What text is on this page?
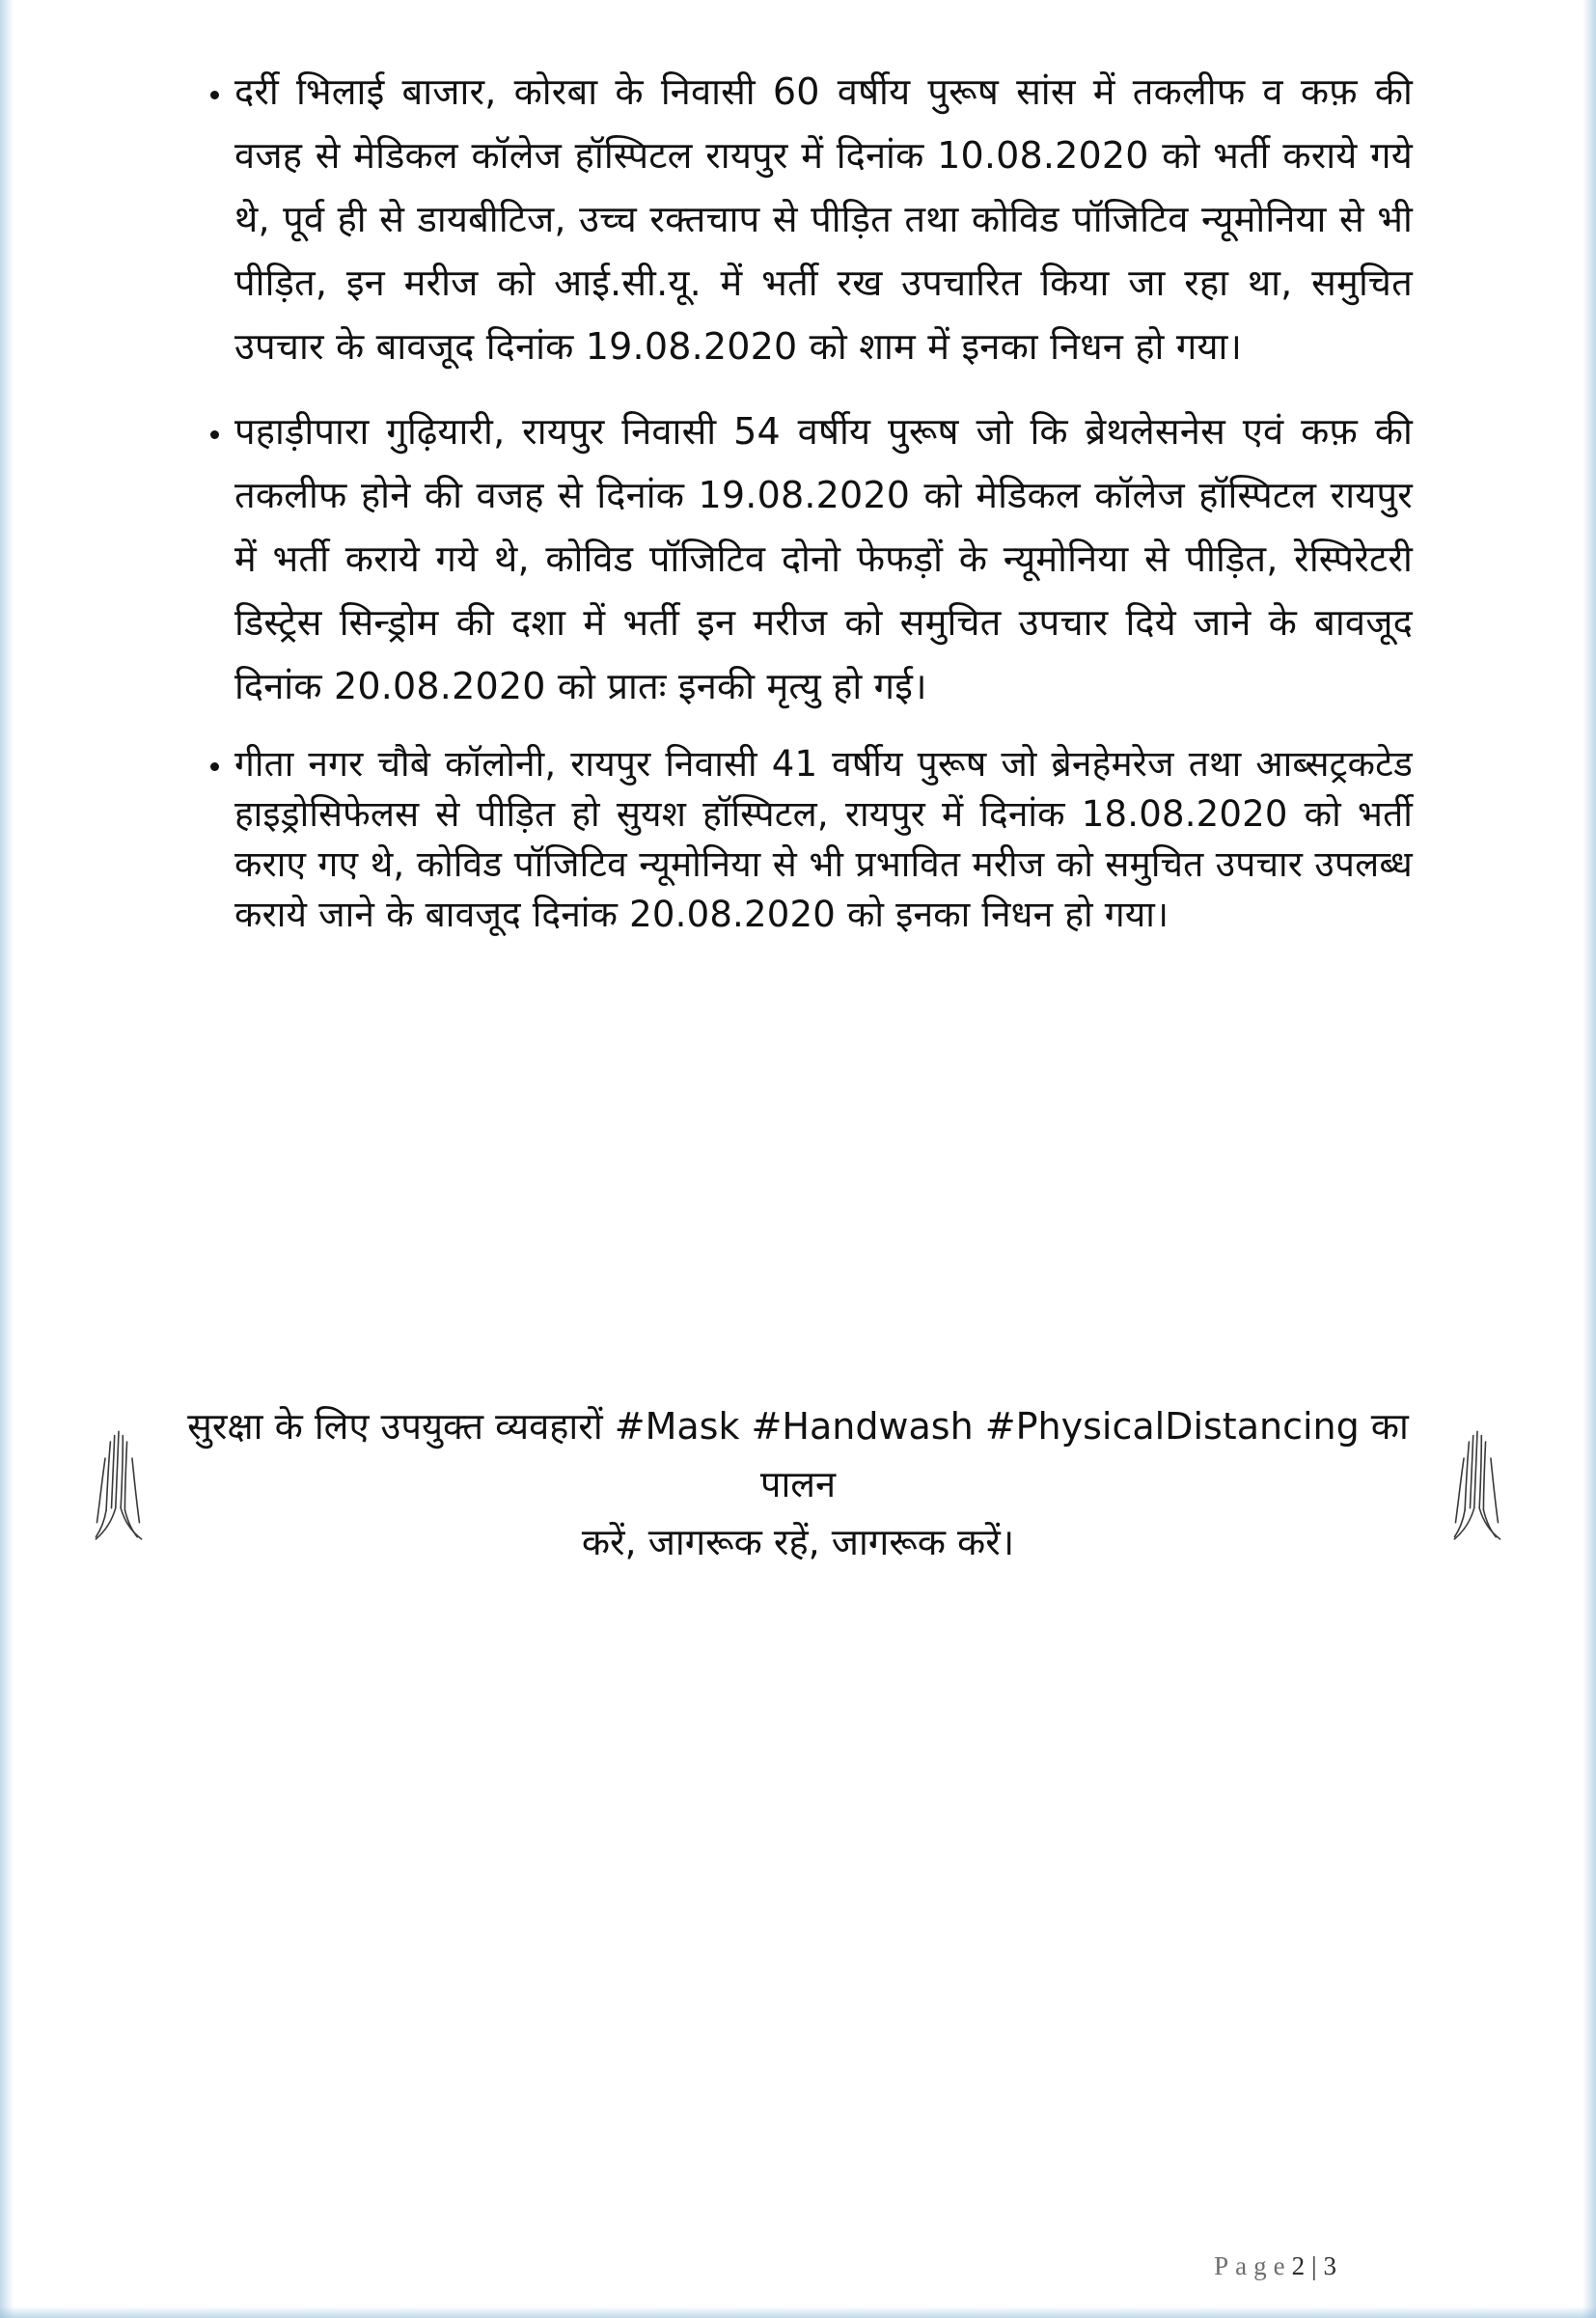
• दर्री भिलाई बाजार, कोरबा के निवासी 60 वर्षीय पुरूष सांस में तकलीफ व कफ़ की वजह से मेडिकल कॉलेज हॉस्पिटल रायपुर में दिनांक 10.08.2020 को भर्ती कराये गये थे, पूर्व ही से डायबीटिज, उच्च रक्तचाप से पीड़ित तथा कोविड पॉजिटिव न्यूमोनिया से भी पीड़ित, इन मरीज को आई.सी.यू. में भर्ती रख उपचारित किया जा रहा था, समुचित उपचार के बावजूद दिनांक 19.08.2020 को शाम में इनका निधन हो गया।
• पहाड़ीपारा गुढ़ियारी, रायपुर निवासी 54 वर्षीय पुरूष जो कि ब्रेथलेसनेस एवं कफ़ की तकलीफ होने की वजह से दिनांक 19.08.2020 को मेडिकल कॉलेज हॉस्पिटल रायपुर में भर्ती कराये गये थे, कोविड पॉजिटिव दोनो फेफड़ों के न्यूमोनिया से पीड़ित, रेस्पिरेटरी डिस्ट्रेस सिन्ड्रोम की दशा में भर्ती इन मरीज को समुचित उपचार दिये जाने के बावजूद दिनांक 20.08.2020 को प्रातः इनकी मृत्यु हो गई।
• गीता नगर चौबे कॉलोनी, रायपुर निवासी 41 वर्षीय पुरूष जो ब्रेनहेमरेज तथा आब्सट्रकटेड हाइड्रोसिफेलस से पीड़ित हो सुयश हॉस्पिटल, रायपुर में दिनांक 18.08.2020 को भर्ती कराए गए थे, कोविड पॉजिटिव न्यूमोनिया से भी प्रभावित मरीज को समुचित उपचार उपलब्ध कराये जाने के बावजूद दिनांक 20.08.2020 को इनका निधन हो गया।

सुरक्षा के लिए उपयुक्त व्यवहारों #Mask #Handwash #PhysicalDistancing का पालन

करें, जागरूक रहें, जागरूक करें।

Page2|3
